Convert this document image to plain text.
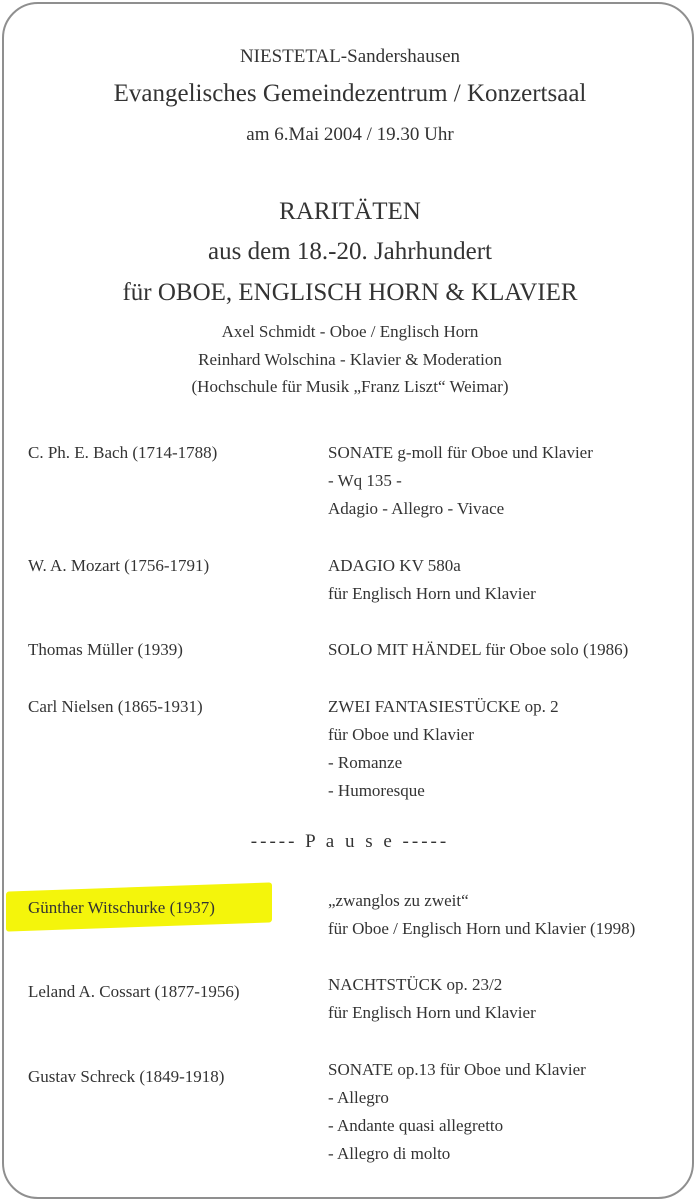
NIESTETAL-Sandershausen
Evangelisches Gemeindezentrum / Konzertsaal
am 6.Mai 2004 / 19.30 Uhr
RARITÄTEN
aus dem 18.-20. Jahrhundert
für OBOE, ENGLISCH HORN & KLAVIER
Axel Schmidt - Oboe / Englisch Horn
Reinhard Wolschina - Klavier & Moderation
(Hochschule für Musik „Franz Liszt“ Weimar)
C. Ph. E. Bach (1714-1788)	SONATE g-moll für Oboe und Klavier
- Wq 135 -
Adagio - Allegro - Vivace
W. A. Mozart (1756-1791)	ADAGIO KV 580a
für Englisch Horn und Klavier
Thomas Müller (1939)	SOLO MIT HÄNDEL für Oboe solo (1986)
Carl Nielsen (1865-1931)	ZWEI FANTASIESTÜCKE op. 2
für Oboe und Klavier
- Romanze
- Humoresque
----- P a u s e -----
Günther Witschurke (1937)	„zwanglos zu zweit“
für Oboe / Englisch Horn und Klavier (1998)
Leland A. Cossart (1877-1956)	NACHTSTÜCK op. 23/2
für Englisch Horn und Klavier
Gustav Schreck (1849-1918)	SONATE op.13 für Oboe und Klavier
- Allegro
- Andante quasi allegretto
- Allegro di molto
